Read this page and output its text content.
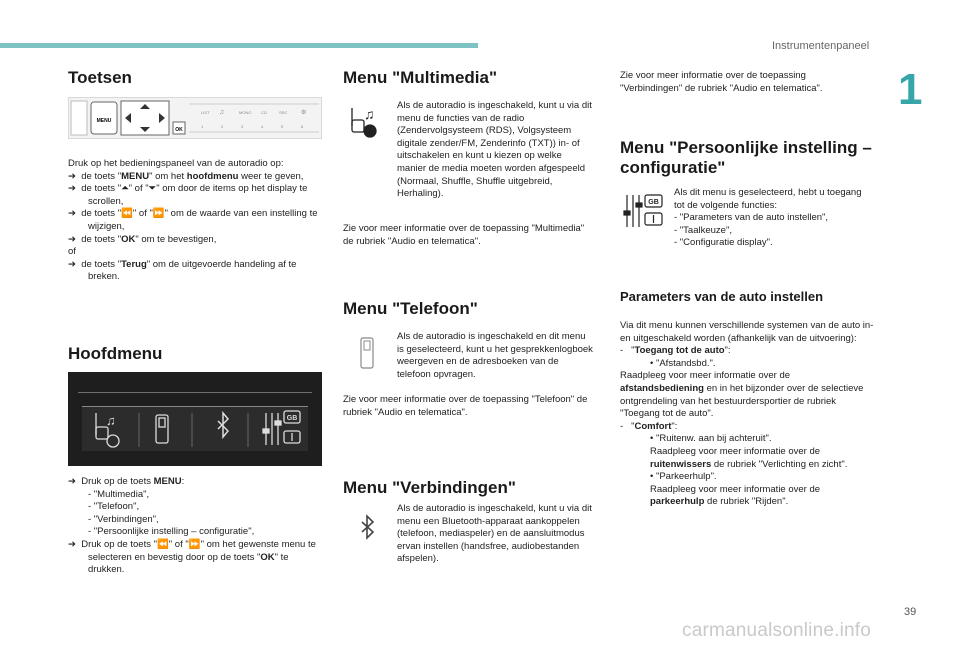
Instrumentenpaneel
1
Toetsen
MENU
OK
LIST ♫	MONO CD	SRC ⚙
1	2	3	4	5	6

Druk op het bedieningspaneel van de autoradio op:

➔  de toets "MENU" om het hoofdmenu weer te geven,

➔  de toets "⏶" of "⏷" om door de items op het display te scrollen,

➔  de toets "⏪" of "⏩" om de waarde van een instelling te wijzigen,

➔  de toets "OK" om te bevestigen,

of

➔  de toets "Terug" om de uitgevoerde handeling af te breken.

Hoofdmenu
♫	GB

➔  Druk op de toets MENU:

- "Multimedia",

- "Telefoon",

- "Verbindingen",

- "Persoonlijke instelling – configuratie",

➔  Druk op de toets "⏪" of "⏩" om het gewenste menu te selecteren en bevestig door op de toets "OK" te drukken.

Menu "Multimedia"
♫

Als de autoradio is ingeschakeld, kunt u via dit menu de functies van de radio (Zendervolgsysteem (RDS), Volgsysteem digitale zender/FM, Zenderinfo (TXT)) in- of uitschakelen en kunt u kiezen op welke manier de media moeten worden afgespeeld (Normaal, Shuffle, Shuffle uitgebreid, Herhaling).

Zie voor meer informatie over de toepassing "Multimedia" de rubriek "Audio en telematica".

Menu "Telefoon"

Als de autoradio is ingeschakeld en dit menu is geselecteerd, kunt u het gesprekkenlogboek weergeven en de adresboeken van de telefoon opvragen.

Zie voor meer informatie over de toepassing "Telefoon" de rubriek "Audio en telematica".

Menu "Verbindingen"

Als de autoradio is ingeschakeld, kunt u via dit menu een Bluetooth-apparaat aankoppelen (telefoon, mediaspeler) en de aansluitmodus ervan instellen (handsfree, audiobestanden afspelen).

Zie voor meer informatie over de toepassing "Verbindingen" de rubriek "Audio en telematica".

Menu "Persoonlijke instelling – configuratie"
GB

Als dit menu is geselecteerd, hebt u toegang tot de volgende functies:

- "Parameters van de auto instellen",

- "Taalkeuze",

- "Configuratie display".

Parameters van de auto instellen

Via dit menu kunnen verschillende systemen van de auto in- en uitgeschakeld worden (afhankelijk van de uitvoering):

-   "Toegang tot de auto":

• "Afstandsbd.".

Raadpleeg voor meer informatie over de afstandsbediening en in het bijzonder over de selectieve ontgrendeling van het bestuurdersportier de rubriek "Toegang tot de auto".

-   "Comfort":

• "Ruitenw. aan bij achteruit".

Raadpleeg voor meer informatie over de ruitenwissers de rubriek "Verlichting en zicht".

• "Parkeerhulp".

Raadpleeg voor meer informatie over de parkeerhulp de rubriek "Rijden".

39
carmanualsonline.info
